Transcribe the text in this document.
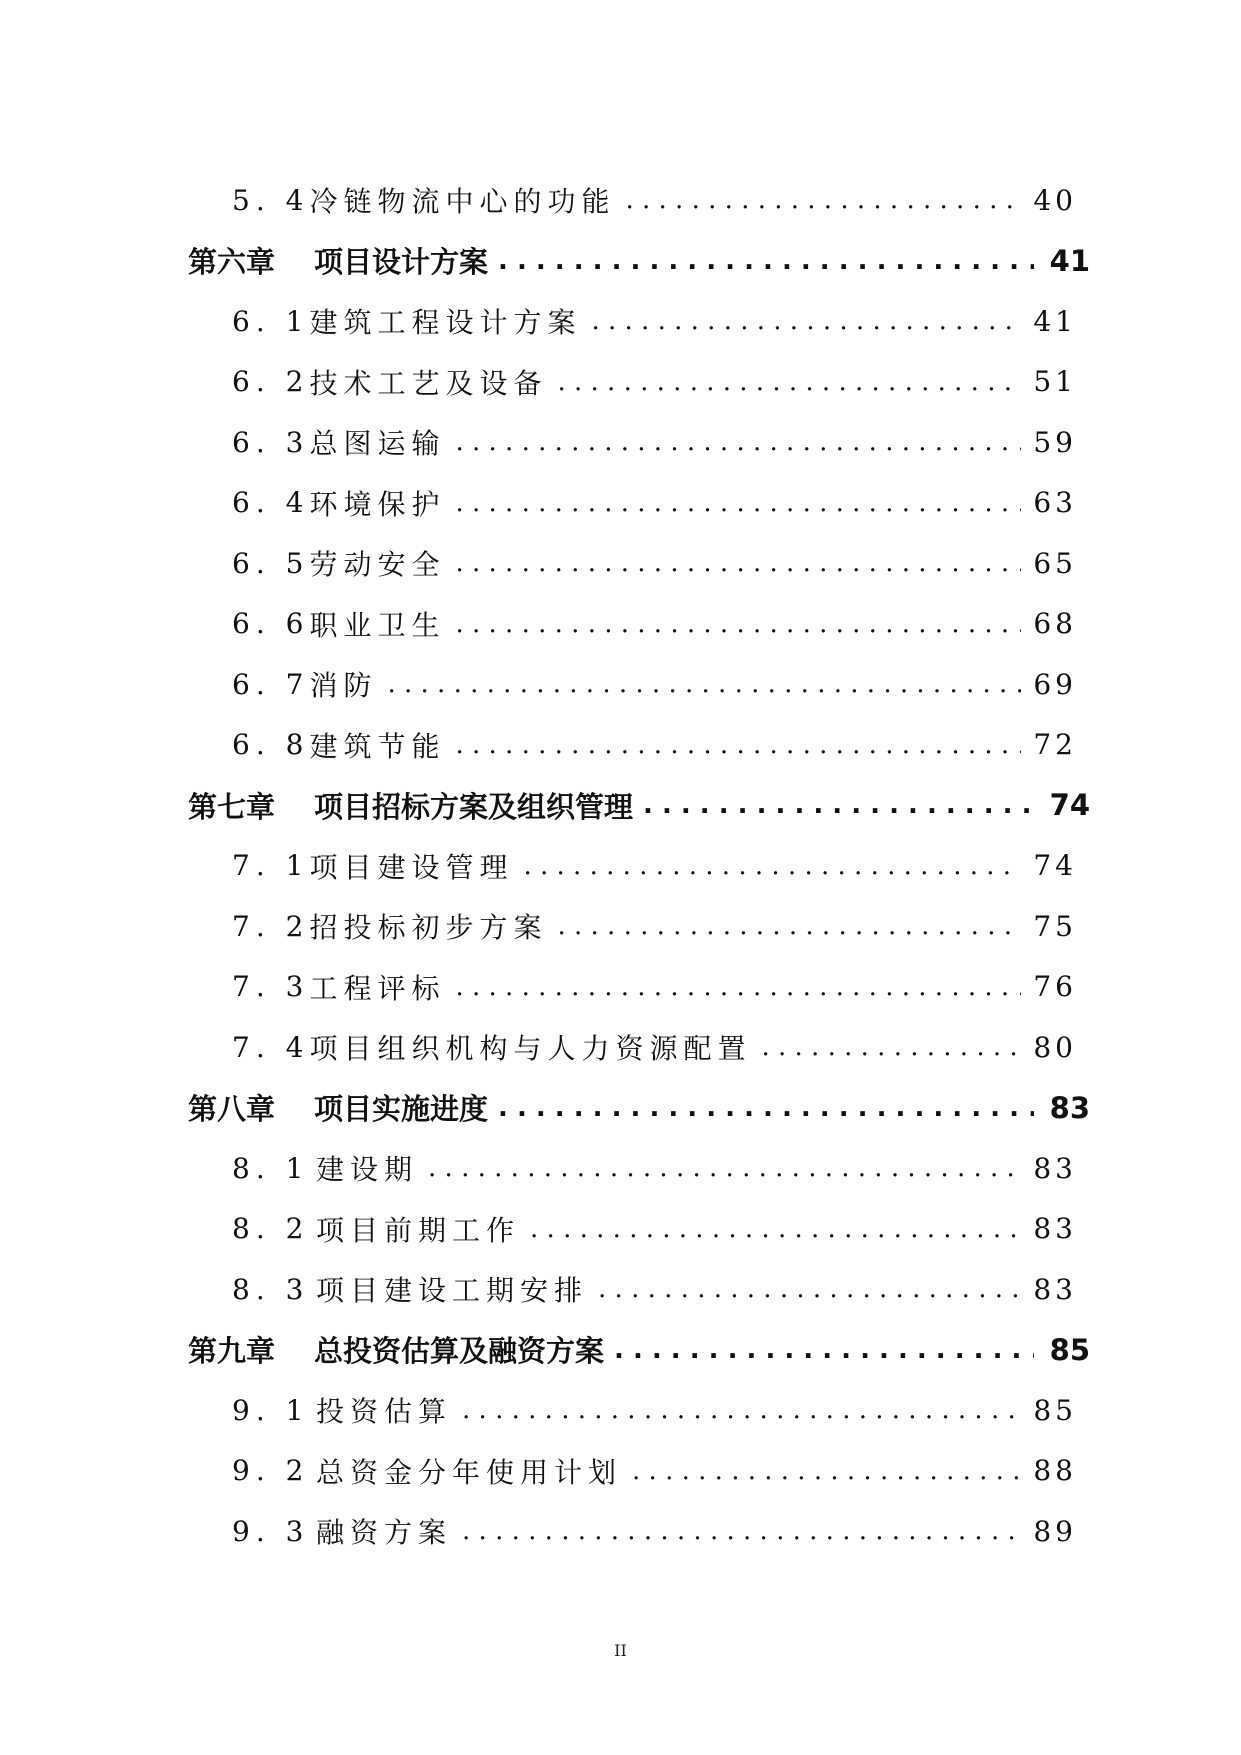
5. 4 冷链物流中心的功能 . . .	40
第六章	项目设计方案 . . .	41
6. 1 建筑工程设计方案 . . .	41
6. 2 技术工艺及设备 . . .	51
6. 3 总图运输 . . .	59
6. 4 环境保护 . . .	63
6. 5 劳动安全 . . .	65
6. 6 职业卫生 . . .	68
6. 7 消防 . . .	69
6. 8 建筑节能 . . .	72
第七章	项目招标方案及组织管理 . . .	74
7. 1 项目建设管理 . . .	74
7. 2 招投标初步方案 . . .	75
7. 3 工程评标 . . .	76
7. 4 项目组织机构与人力资源配置 . . .	80
第八章	项目实施进度 . . .	83
8. 1 建设期 . . .	83
8. 2 项目前期工作 . . .	83
8. 3 项目建设工期安排 . . .	83
第九章	总投资估算及融资方案 . . .	85
9. 1 投资估算 . . .	85
9. 2 总资金分年使用计划 . . .	88
9. 3 融资方案 . . .	89
II
